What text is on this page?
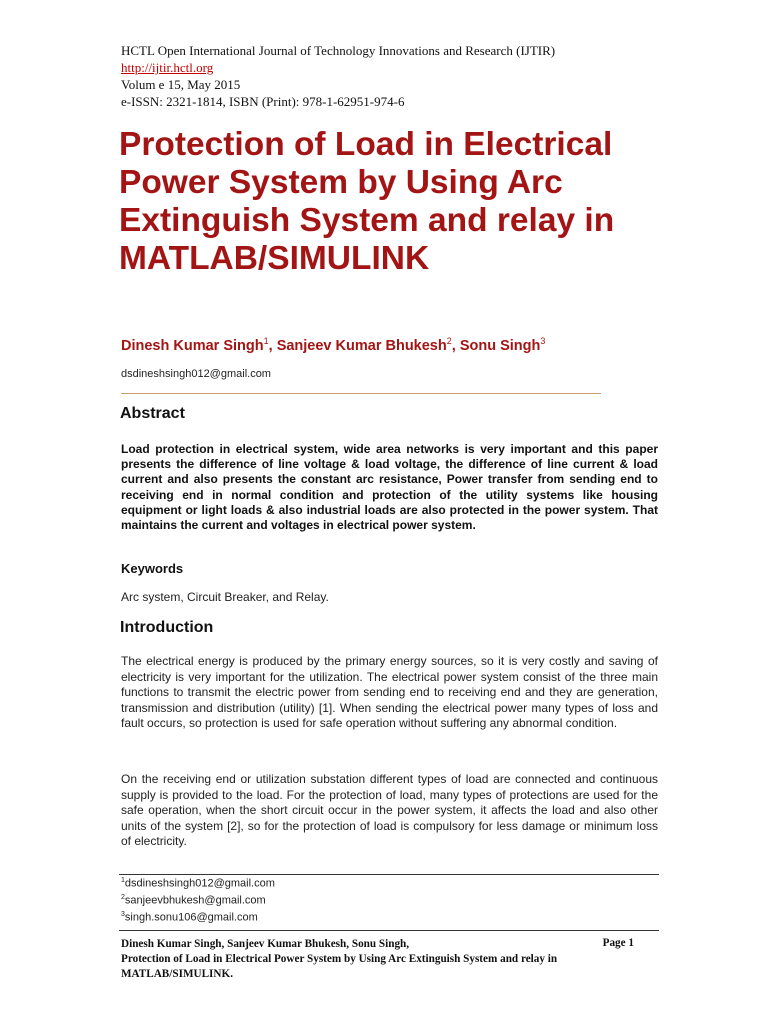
HCTL Open International Journal of Technology Innovations and Research (IJTIR)
http://ijtir.hctl.org
Volum e 15, May 2015
e-ISSN: 2321-1814, ISBN (Print): 978-1-62951-974-6
Protection of Load in Electrical Power System by Using Arc Extinguish System and relay in MATLAB/SIMULINK
Dinesh Kumar Singh$^1$, Sanjeev Kumar Bhukesh$^2$, Sonu Singh$^3$
dsdineshsingh012@gmail.com
Abstract
Load protection in electrical system, wide area networks is very important and this paper presents the difference of line voltage & load voltage, the difference of line current & load current and also presents the constant arc resistance, Power transfer from sending end to receiving end in normal condition and protection of the utility systems like housing equipment or light loads & also industrial loads are also protected in the power system. That maintains the current and voltages in electrical power system.
Keywords
Arc system, Circuit Breaker, and Relay.
Introduction
The electrical energy is produced by the primary energy sources, so it is very costly and saving of electricity is very important for the utilization. The electrical power system consist of the three main functions to transmit the electric power from sending end to receiving end and they are generation, transmission and distribution (utility) [1]. When sending the electrical power many types of loss and fault occurs, so protection is used for safe operation without suffering any abnormal condition.
On the receiving end or utilization substation different types of load are connected and continuous supply is provided to the load. For the protection of load, many types of protections are used for the safe operation, when the short circuit occur in the power system, it affects the load and also other units of the system [2], so for the protection of load is compulsory for less damage or minimum loss of electricity.
$^1$dsdineshsingh012@gmail.com
$^2$sanjeevbhukesh@gmail.com
$^3$singh.sonu106@gmail.com
Dinesh Kumar Singh, Sanjeev Kumar Bhukesh, Sonu Singh,
Protection of Load in Electrical Power System by Using Arc Extinguish System and relay in MATLAB/SIMULINK.
Page 1
